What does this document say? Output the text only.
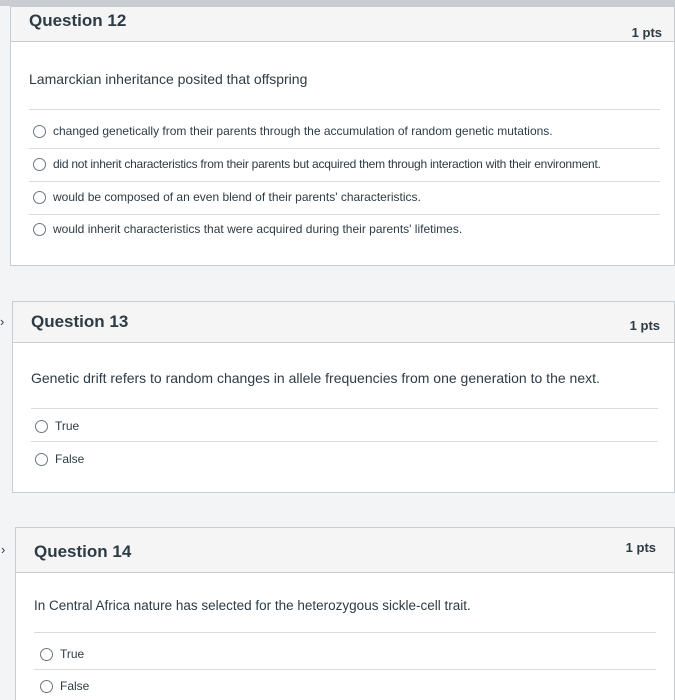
Question 12
1 pts
Lamarckian inheritance posited that offspring
changed genetically from their parents through the accumulation of random genetic mutations.
did not inherit characteristics from their parents but acquired them through interaction with their environment.
would be composed of an even blend of their parents' characteristics.
would inherit characteristics that were acquired during their parents' lifetimes.
› Question 13	1 pts
Genetic drift refers to random changes in allele frequencies from one generation to the next.
True
False
› Question 14	1 pts
In Central Africa nature has selected for the heterozygous sickle-cell trait.
True
False
